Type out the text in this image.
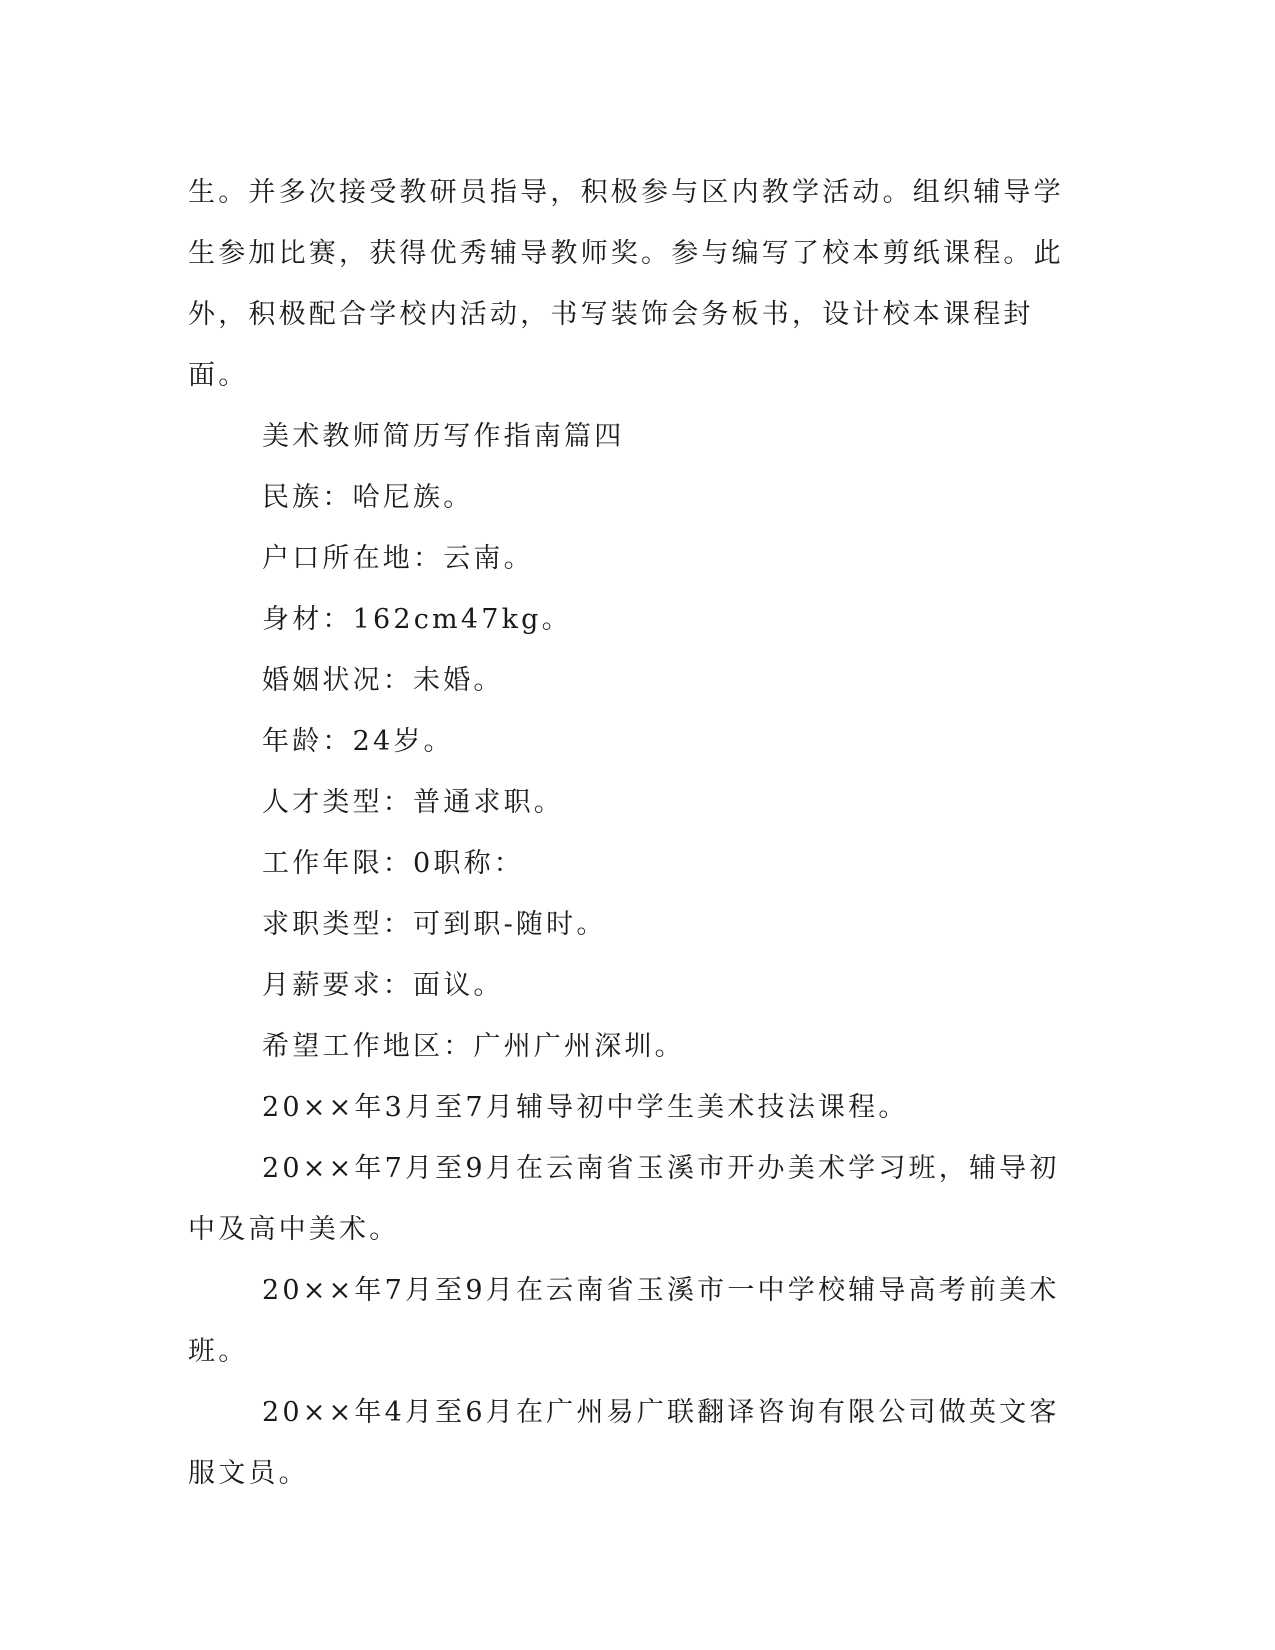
生。并多次接受教研员指导，积极参与区内教学活动。组织辅导学生参加比赛，获得优秀辅导教师奖。参与编写了校本剪纸课程。此外，积极配合学校内活动，书写装饰会务板书，设计校本课程封面。

美术教师简历写作指南篇四

民族：哈尼族。

户口所在地：云南。

身材：162cm47kg。

婚姻状况：未婚。

年龄：24岁。

人才类型：普通求职。

工作年限：0职称：

求职类型：可到职-随时。

月薪要求：面议。

希望工作地区：广州广州深圳。

20××年3月至7月辅导初中学生美术技法课程。

20××年7月至9月在云南省玉溪市开办美术学习班，辅导初中及高中美术。

20××年7月至9月在云南省玉溪市一中学校辅导高考前美术班。

20××年4月至6月在广州易广联翻译咨询有限公司做英文客服文员。
